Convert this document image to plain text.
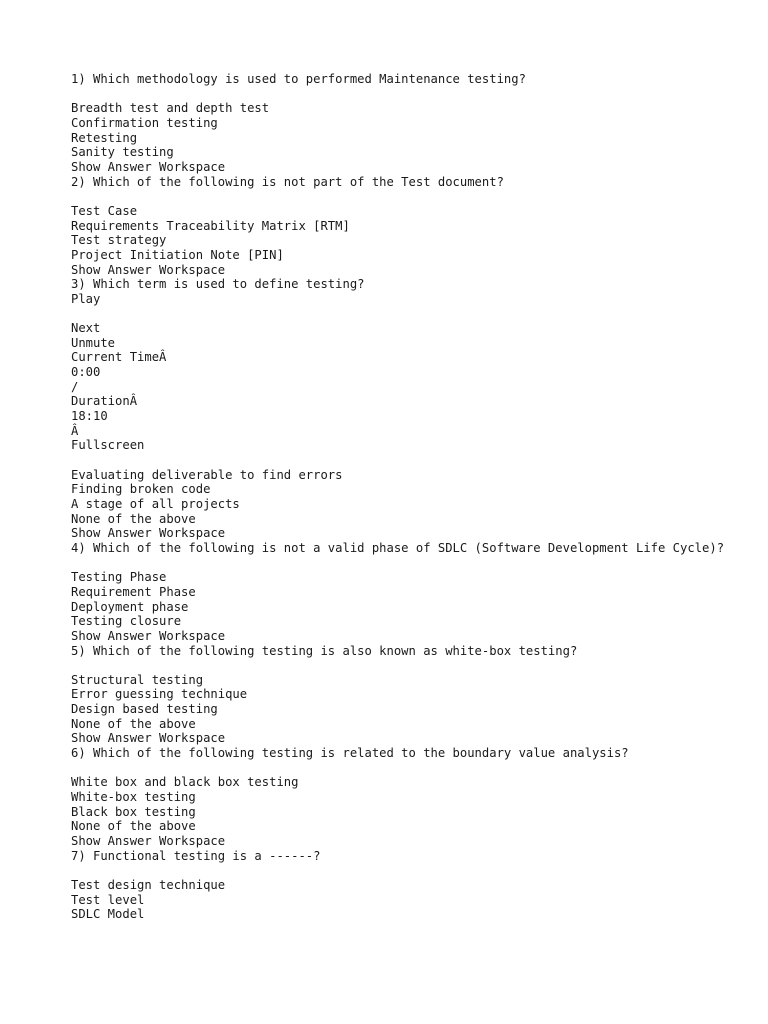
1) Which methodology is used to performed Maintenance testing?
Breadth test and depth test
Confirmation testing
Retesting
Sanity testing
Show Answer Workspace
2) Which of the following is not part of the Test document?
Test Case
Requirements Traceability Matrix [RTM]
Test strategy
Project Initiation Note [PIN]
Show Answer Workspace
3) Which term is used to define testing?
Play
Next
Unmute
Current TimeÂ
0:00
/
DurationÂ
18:10
Â
Fullscreen
Evaluating deliverable to find errors
Finding broken code
A stage of all projects
None of the above
Show Answer Workspace
4) Which of the following is not a valid phase of SDLC (Software Development Life Cycle)?
Testing Phase
Requirement Phase
Deployment phase
Testing closure
Show Answer Workspace
5) Which of the following testing is also known as white-box testing?
Structural testing
Error guessing technique
Design based testing
None of the above
Show Answer Workspace
6) Which of the following testing is related to the boundary value analysis?
White box and black box testing
White-box testing
Black box testing
None of the above
Show Answer Workspace
7) Functional testing is a ------?
Test design technique
Test level
SDLC Model
